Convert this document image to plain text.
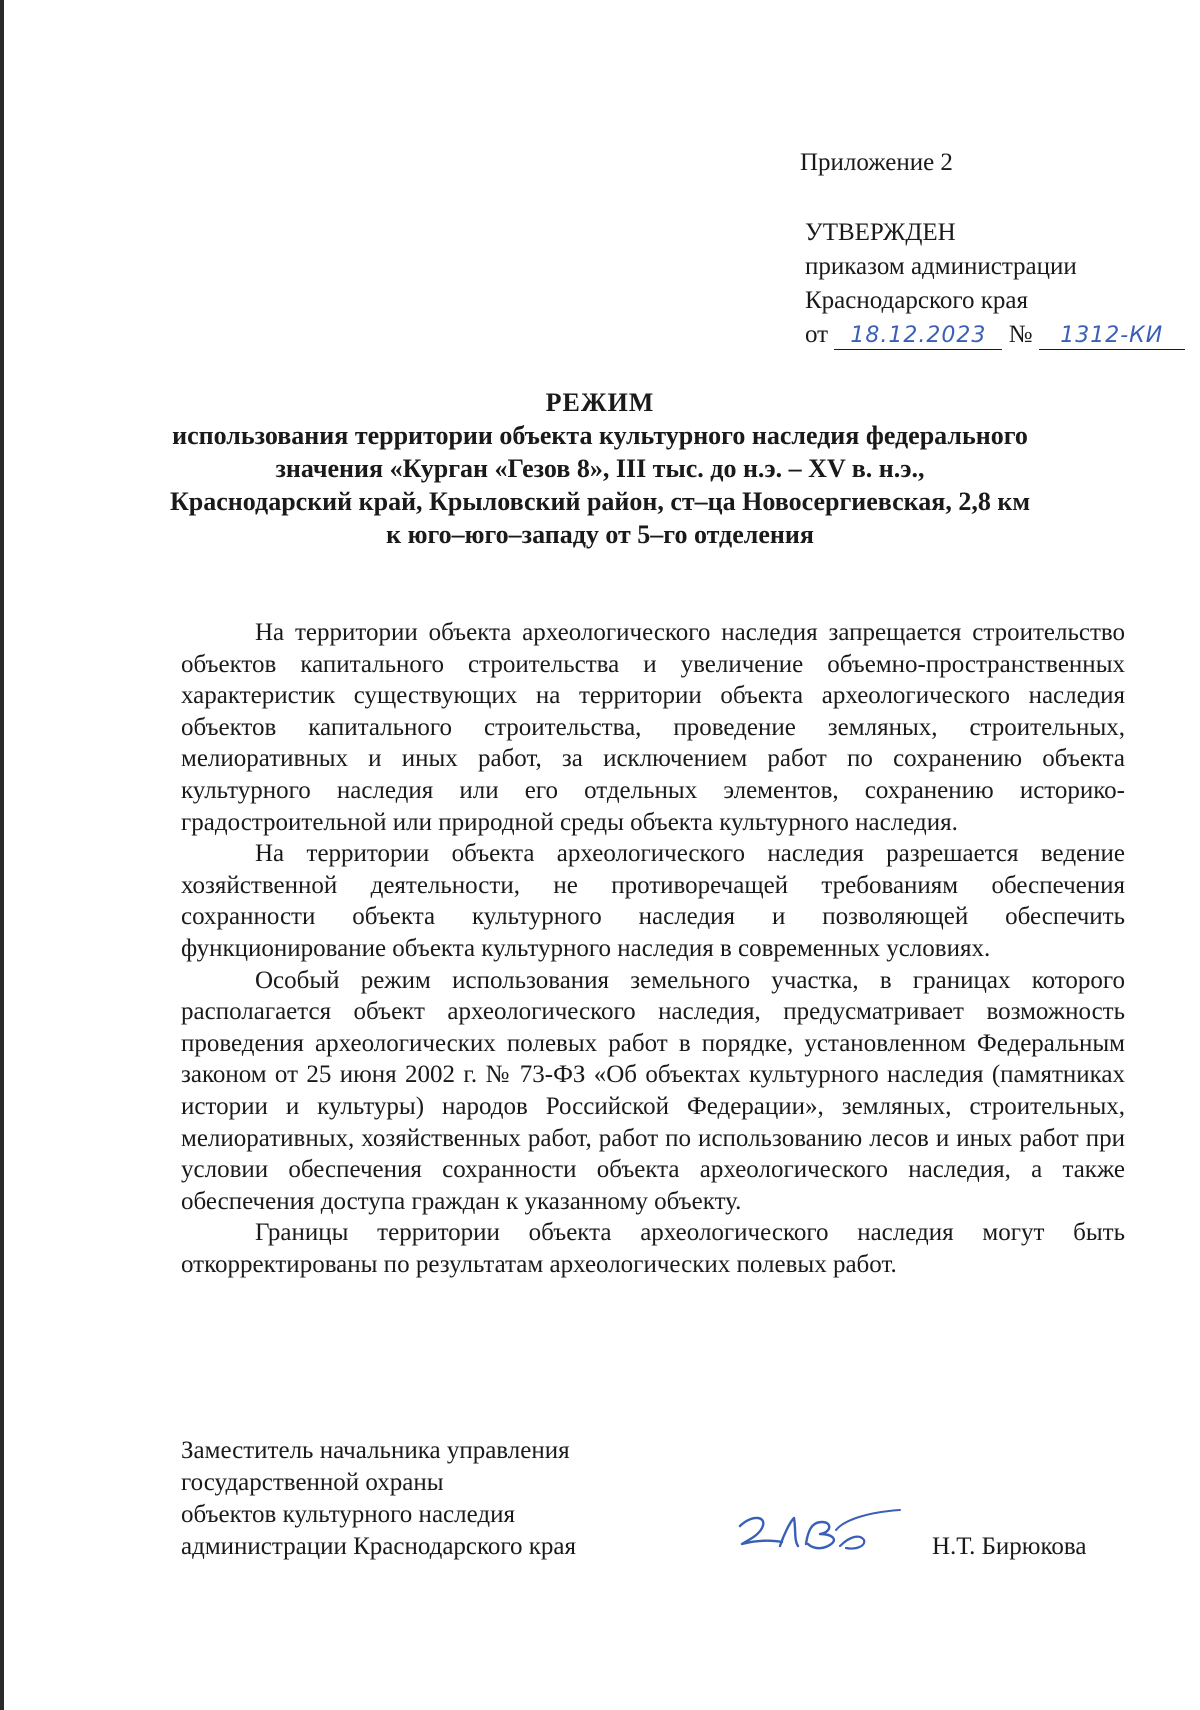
Приложение 2
УТВЕРЖДЕН
приказом администрации
Краснодарского края
от 18.12.2023 № 1312-КИ
РЕЖИМ
использования территории объекта культурного наследия федерального
значения «Курган «Гезов 8», III тыс. до н.э. – XV в. н.э.,
Краснодарский край, Крыловский район, ст–ца Новосергиевская, 2,8 км
к юго–юго–западу от 5–го отделения

На территории объекта археологического наследия запрещается строительство объектов капитального строительства и увеличение объемно-пространственных характеристик существующих на территории объекта археологического наследия объектов капитального строительства, проведение земляных, строительных, мелиоративных и иных работ, за исключением работ по сохранению объекта культурного наследия или его отдельных элементов, сохранению историко-градостроительной или природной среды объекта культурного наследия.

На территории объекта археологического наследия разрешается ведение хозяйственной деятельности, не противоречащей требованиям обеспечения сохранности объекта культурного наследия и позволяющей обеспечить функционирование объекта культурного наследия в современных условиях.

Особый режим использования земельного участка, в границах которого располагается объект археологического наследия, предусматривает возможность проведения археологических полевых работ в порядке, установленном Федеральным законом от 25 июня 2002 г. № 73-ФЗ «Об объектах культурного наследия (памятниках истории и культуры) народов Российской Федерации», земляных, строительных, мелиоративных, хозяйственных работ, работ по использованию лесов и иных работ при условии обеспечения сохранности объекта археологического наследия, а также обеспечения доступа граждан к указанному объекту.

Границы территории объекта археологического наследия могут быть откорректированы по результатам археологических полевых работ.

Заместитель начальника управления
государственной охраны
объектов культурного наследия
администрации Краснодарского края	Н.Т. Бирюкова
